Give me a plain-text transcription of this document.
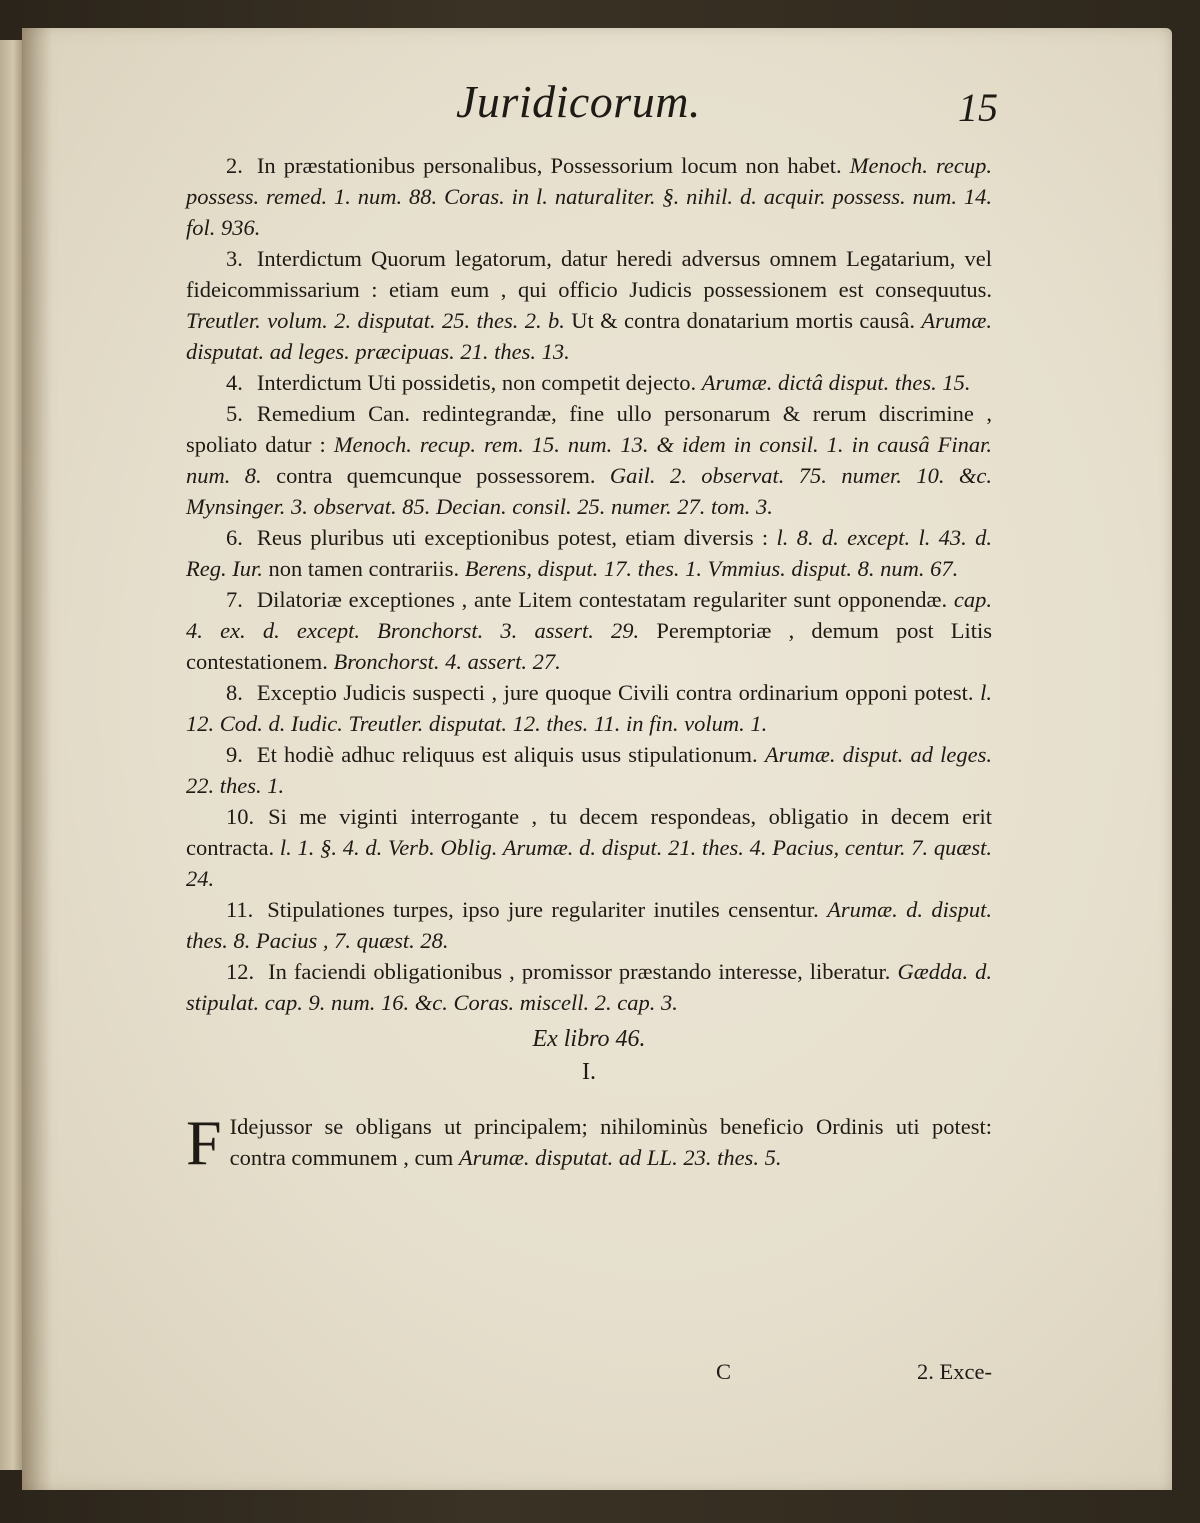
Juridicorum.	15

2. In præstationibus personalibus, Possessorium locum non habet. Menoch. recup. possess. remed. 1. num. 88. Coras. in l. naturaliter. §. nihil. d. acquir. possess. num. 14. fol. 936.

3. Interdictum Quorum legatorum, datur heredi adversus omnem Legatarium, vel fideicommissarium : etiam eum , qui officio Judicis possessionem est consequutus. Treutler. volum. 2. disputat. 25. thes. 2. b. Ut & contra donatarium mortis causâ. Arumæ. disputat. ad leges. præcipuas. 21. thes. 13.

4. Interdictum Uti possidetis, non competit dejecto. Arumæ. dictâ disput. thes. 15.

5. Remedium Can. redintegrandæ, fine ullo personarum & rerum discrimine , spoliato datur : Menoch. recup. rem. 15. num. 13. & idem in consil. 1. in causâ Finar. num. 8. contra quemcunque possessorem. Gail. 2. observat. 75. numer. 10. &c. Mynsinger. 3. observat. 85. Decian. consil. 25. numer. 27. tom. 3.

6. Reus pluribus uti exceptionibus potest, etiam diversis : l. 8. d. except. l. 43. d. Reg. Iur. non tamen contrariis. Berens, disput. 17. thes. 1. Vmmius. disput. 8. num. 67.

7. Dilatoriæ exceptiones , ante Litem contestatam regulariter sunt opponendæ. cap. 4. ex. d. except. Bronchorst. 3. assert. 29. Peremptoriæ , demum post Litis contestationem. Bronchorst. 4. assert. 27.

8. Exceptio Judicis suspecti , jure quoque Civili contra ordinarium opponi potest. l. 12. Cod. d. Iudic. Treutler. disputat. 12. thes. 11. in fin. volum. 1.

9. Et hodiè adhuc reliquus est aliquis usus stipulationum. Arumæ. disput. ad leges. 22. thes. 1.

10. Si me viginti interrogante , tu decem respondeas, obligatio in decem erit contracta. l. 1. §. 4. d. Verb. Oblig. Arumæ. d. disput. 21. thes. 4. Pacius, centur. 7. quæst. 24.

11. Stipulationes turpes, ipso jure regulariter inutiles censentur. Arumæ. d. disput. thes. 8. Pacius , 7. quæst. 28.

12. In faciendi obligationibus , promissor præstando interesse, liberatur. Gædda. d. stipulat. cap. 9. num. 16. &c. Coras. miscell. 2. cap. 3.

Ex libro 46.
I.

F Idejussor se obligans ut principalem; nihilominùs beneficio Ordinis uti potest: contra communem , cum Arumæ. disputat. ad LL. 23. thes. 5.

C	2. Exce-
